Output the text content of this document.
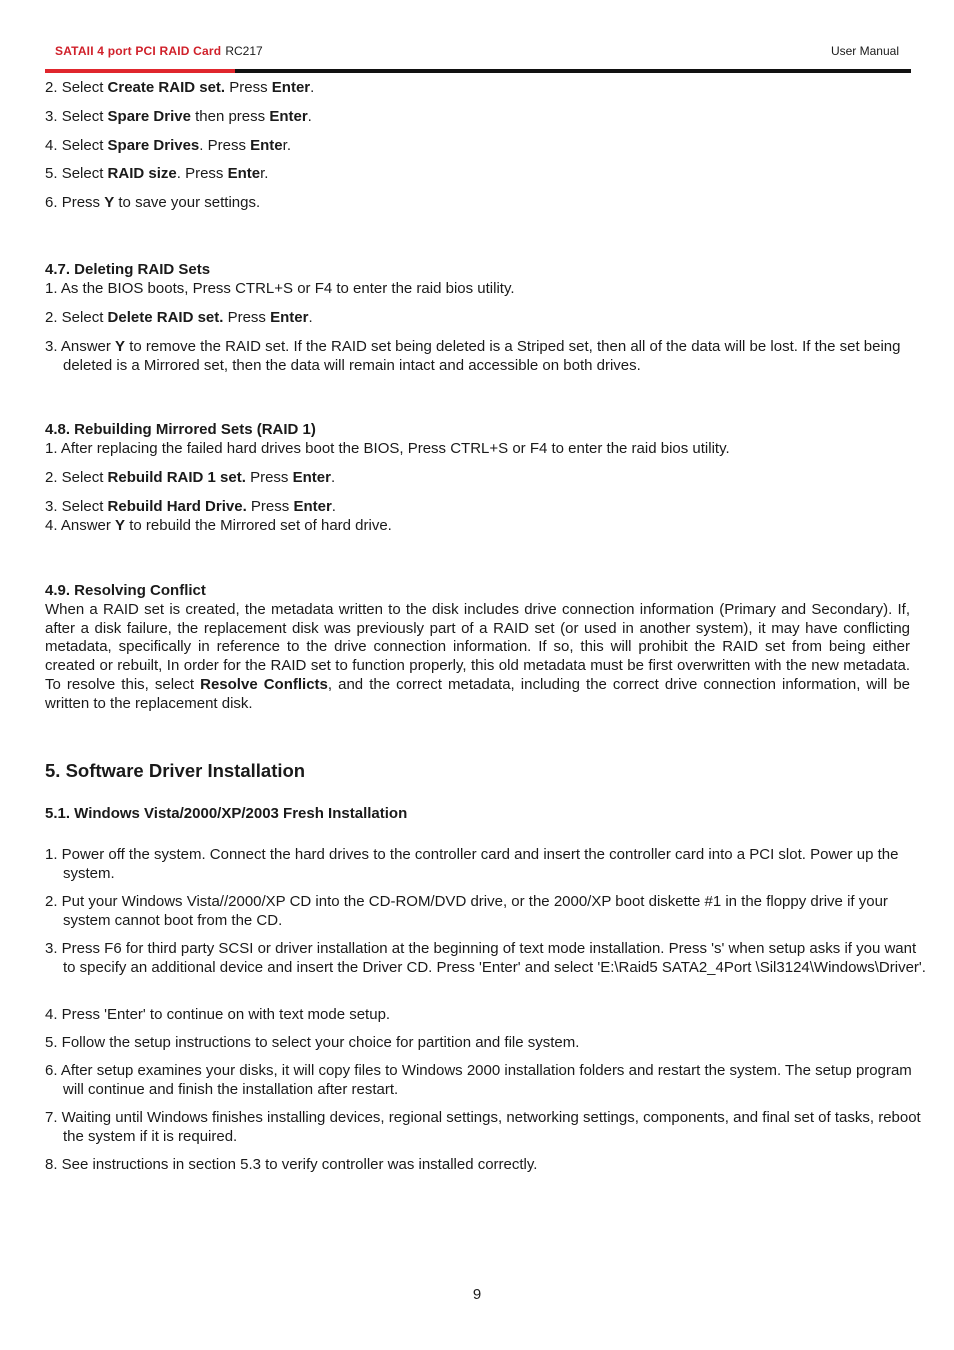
SATAII 4 port PCI RAID Card RC217	User Manual
2. Select Create RAID set. Press Enter.
3. Select Spare Drive then press Enter.
4. Select Spare Drives. Press Enter.
5. Select RAID size. Press Enter.
6. Press Y to save your settings.
4.7. Deleting RAID Sets
1. As the BIOS boots, Press CTRL+S or F4 to enter the raid bios utility.
2. Select Delete RAID set. Press Enter.
3. Answer Y to remove the RAID set. If the RAID set being deleted is a Striped set, then all of the data will be lost. If the set being deleted is a Mirrored set, then the data will remain intact and accessible on both drives.
4.8. Rebuilding Mirrored Sets (RAID 1)
1. After replacing the failed hard drives boot the BIOS, Press CTRL+S or F4 to enter the raid bios utility.
2. Select Rebuild RAID 1 set. Press Enter.
3. Select Rebuild Hard Drive. Press Enter.
4. Answer Y to rebuild the Mirrored set of hard drive.
4.9. Resolving Conflict
When a RAID set is created, the metadata written to the disk includes drive connection information (Primary and Secondary). If, after a disk failure, the replacement disk was previously part of a RAID set (or used in another system), it may have conflicting metadata, specifically in reference to the drive connection information. If so, this will prohibit the RAID set from being either created or rebuilt, In order for the RAID set to function properly, this old metadata must be first overwritten with the new metadata. To resolve this, select Resolve Conflicts, and the correct metadata, including the correct drive connection information, will be written to the replacement disk.
5. Software Driver Installation
5.1. Windows Vista/2000/XP/2003 Fresh Installation
1. Power off the system. Connect the hard drives to the controller card and insert the controller card into a PCI slot. Power up the system.
2. Put your Windows Vista//2000/XP CD into the CD-ROM/DVD drive, or the 2000/XP boot diskette #1 in the floppy drive if your system cannot boot from the CD.
3. Press F6 for third party SCSI or driver installation at the beginning of text mode installation. Press 's' when setup asks if you want to specify an additional device and insert the Driver CD. Press 'Enter' and select 'E:\Raid5 SATA2_4Port \Sil3124\Windows\Driver'.
4. Press 'Enter' to continue on with text mode setup.
5. Follow the setup instructions to select your choice for partition and file system.
6. After setup examines your disks, it will copy files to Windows 2000 installation folders and restart the system. The setup program will continue and finish the installation after restart.
7. Waiting until Windows finishes installing devices, regional settings, networking settings, components, and final set of tasks, reboot the system if it is required.
8. See instructions in section 5.3 to verify controller was installed correctly.
9
